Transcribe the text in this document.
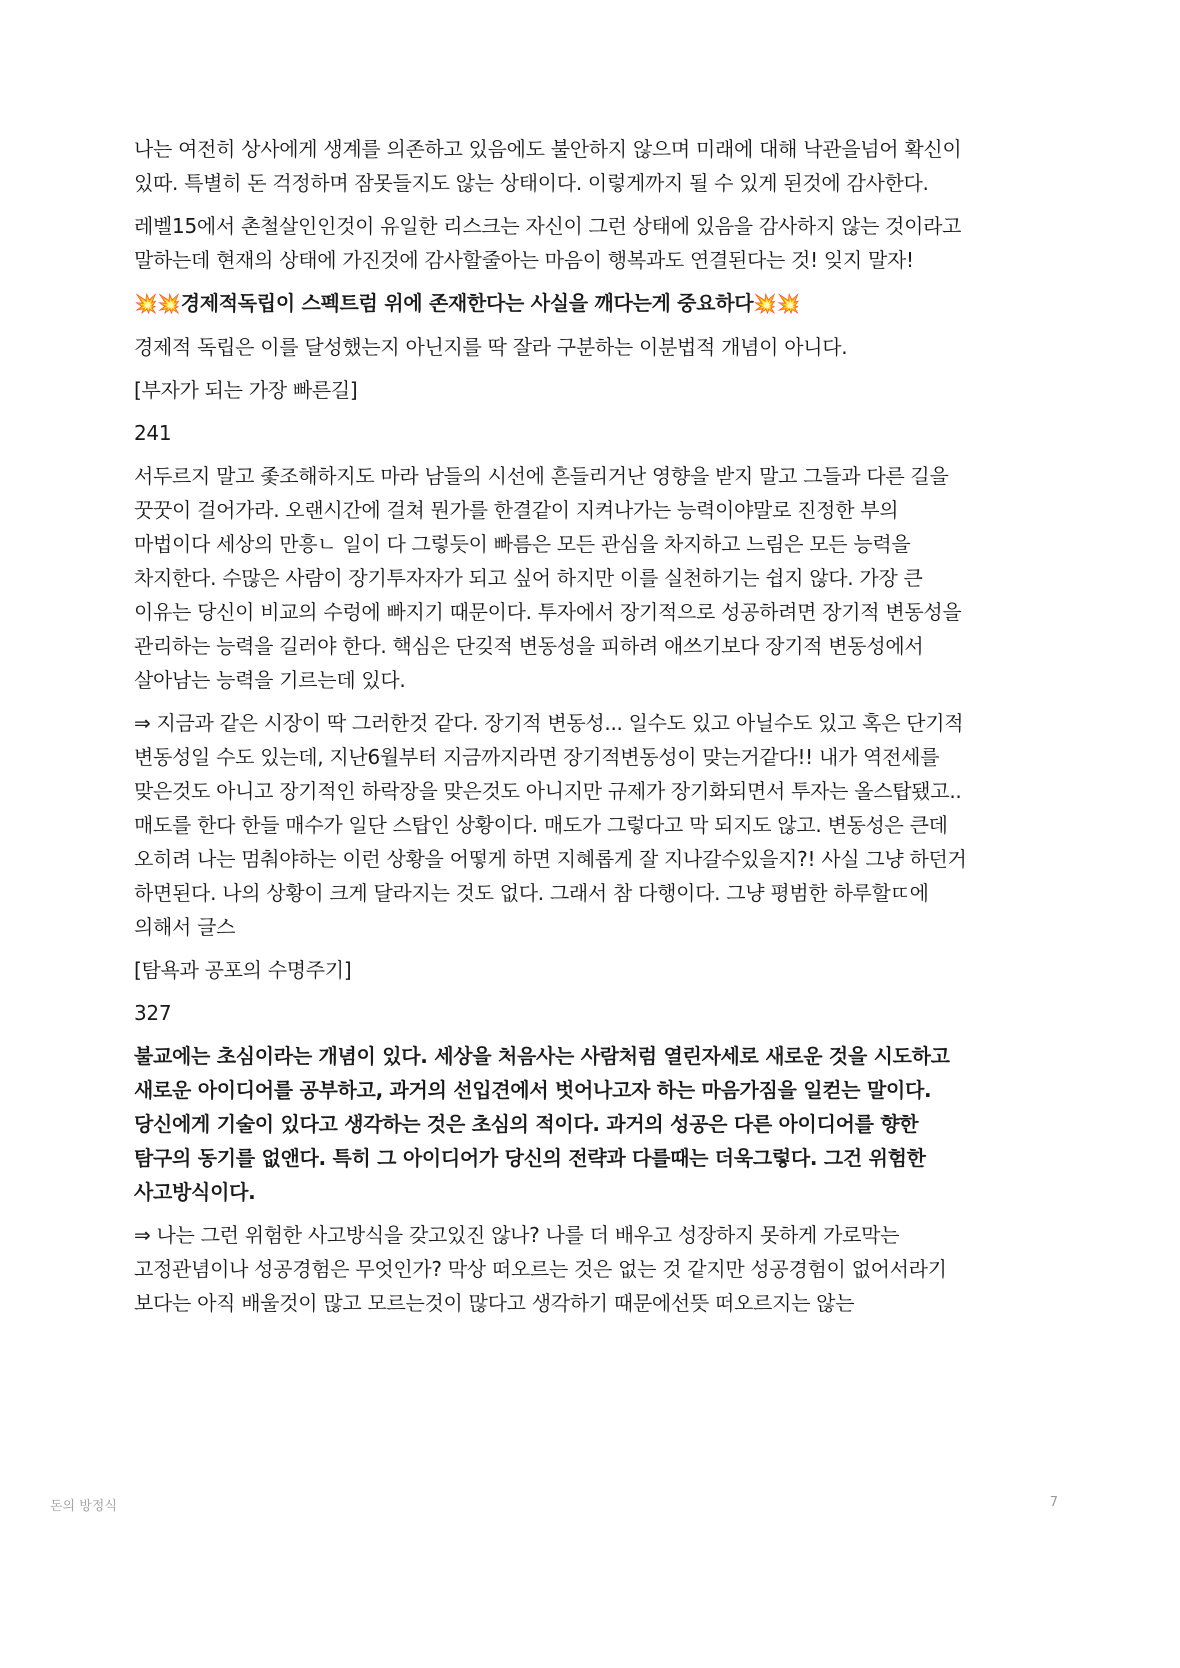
나는 여전히 상사에게 생계를 의존하고 있음에도 불안하지 않으며 미래에 대해 낙관을넘어 확신이 있따. 특별히 돈 걱정하며 잠못들지도 않는 상태이다. 이렇게까지 될 수 있게 된것에 감사한다.

레벨15에서 촌철살인인것이 유일한 리스크는 자신이 그런 상태에 있음을 감사하지 않는 것이라고 말하는데 현재의 상태에 가진것에 감사할줄아는 마음이 행복과도 연결된다는 것! 잊지 말자!

💥💥경제적독립이 스펙트럼 위에 존재한다는 사실을 깨다는게 중요하다💥💥

경제적 독립은 이를 달성했는지 아닌지를 딱 잘라 구분하는 이분법적 개념이 아니다.

[부자가 되는 가장 빠른길]

241

서두르지 말고 좇조해하지도 마라 남들의 시선에 흔들리거난 영향을 받지 말고 그들과 다른 길을 꿋꿋이 걸어가라. 오랜시간에 걸쳐 뭔가를 한결같이 지켜나가는 능력이야말로 진정한 부의 마법이다 세상의 만흥ㄴ 일이 다 그렇듯이 빠름은 모든 관심을 차지하고 느림은 모든 능력을 차지한다. 수많은 사람이 장기투자자가 되고 싶어 하지만 이를 실천하기는 쉽지 않다. 가장 큰 이유는 당신이 비교의 수렁에 빠지기 때문이다. 투자에서 장기적으로 성공하려면 장기적 변동성을 관리하는 능력을 길러야 한다. 핵심은 단깆적 변동성을 피하려 애쓰기보다 장기적 변동성에서 살아남는 능력을 기르는데 있다.

⇒ 지금과 같은 시장이 딱 그러한것 같다. 장기적 변동성... 일수도 있고 아닐수도 있고 혹은 단기적 변동성일 수도 있는데, 지난6월부터 지금까지라면 장기적변동성이 맞는거같다!! 내가 역전세를 맞은것도 아니고 장기적인 하락장을 맞은것도 아니지만 규제가 장기화되면서 투자는 올스탑됐고.. 매도를 한다 한들 매수가 일단 스탑인 상황이다. 매도가 그렇다고 막 되지도 않고. 변동성은 큰데 오히려 나는 멈춰야하는 이런 상황을 어떻게 하면 지혜롭게 잘 지나갈수있을지?! 사실 그냥 하던거 하면된다. 나의 상황이 크게 달라지는 것도 없다. 그래서 참 다행이다. 그냥 평범한 하루할ㄸ에 의해서 글스

[탐욕과 공포의 수명주기]

327

불교에는 초심이라는 개념이 있다. 세상을 처음사는 사람처럼 열린자세로 새로운 것을 시도하고 새로운 아이디어를 공부하고, 과거의 선입견에서 벗어나고자 하는 마음가짐을 일컫는 말이다. 당신에게 기술이 있다고 생각하는 것은 초심의 적이다. 과거의 성공은 다른 아이디어를 향한 탐구의 동기를 없앤다. 특히 그 아이디어가 당신의 전략과 다를때는 더욱그렇다. 그건 위험한 사고방식이다.

⇒ 나는 그런 위험한 사고방식을 갖고있진 않나? 나를 더 배우고 성장하지 못하게 가로막는 고정관념이나 성공경험은 무엇인가? 막상 떠오르는 것은 없는 것 같지만 성공경험이 없어서라기 보다는 아직 배울것이 많고 모르는것이 많다고 생각하기 때문에선뜻 떠오르지는 않는

돈의 방정식	7
